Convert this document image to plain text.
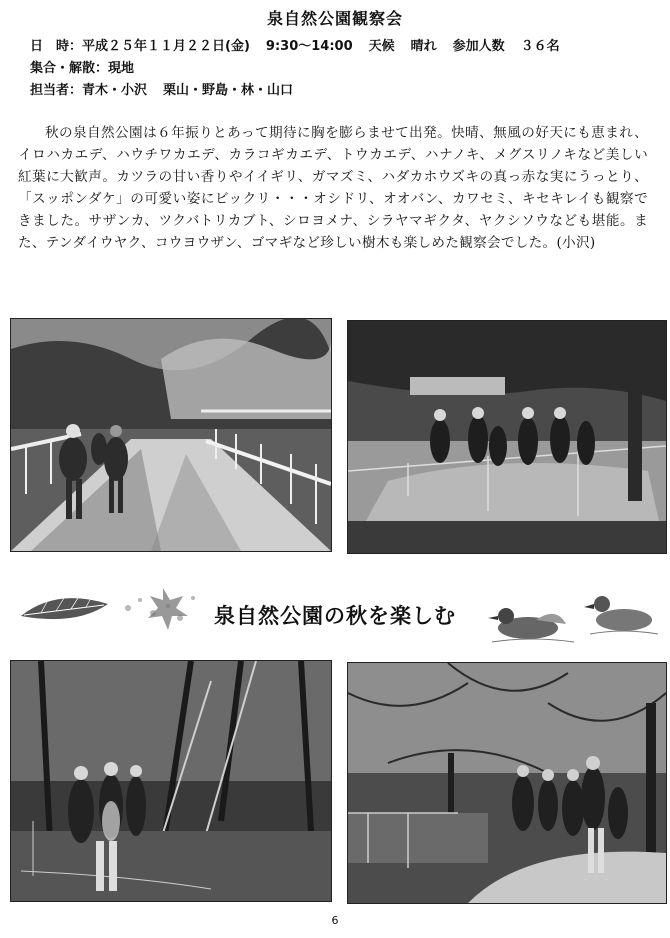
泉自然公園観察会
日　時：平成２５年１１月２２日(金) 9:30～14:00 天候 晴れ 参加人数 ３６名
集合・解散：現地
担当者：青木・小沢 栗山・野島・林・山口
秋の泉自然公園は６年振りとあって期待に胸を膨らませて出発。快晴、無風の好天にも恵まれ、イロハカエデ、ハウチワカエデ、カラコギカエデ、トウカエデ、ハナノキ、メグスリノキなど美しい紅葉に大歓声。カツラの甘い香りやイイギリ、ガマズミ、ハダカホウズキの真っ赤な実にうっとり、「スッポンダケ」の可愛い姿にビックリ・・・オシドリ、オオバン、カワセミ、キセキレイも観察できました。サザンカ、ツクバトリカブト、シロヨメナ、シラヤマギクタ、ヤクシソウなども堪能。また、テンダイウヤク、コウヨウザン、ゴマギなど珍しい樹木も楽しめた観察会でした。(小沢)
泉自然公園の秋を楽しむ
6
